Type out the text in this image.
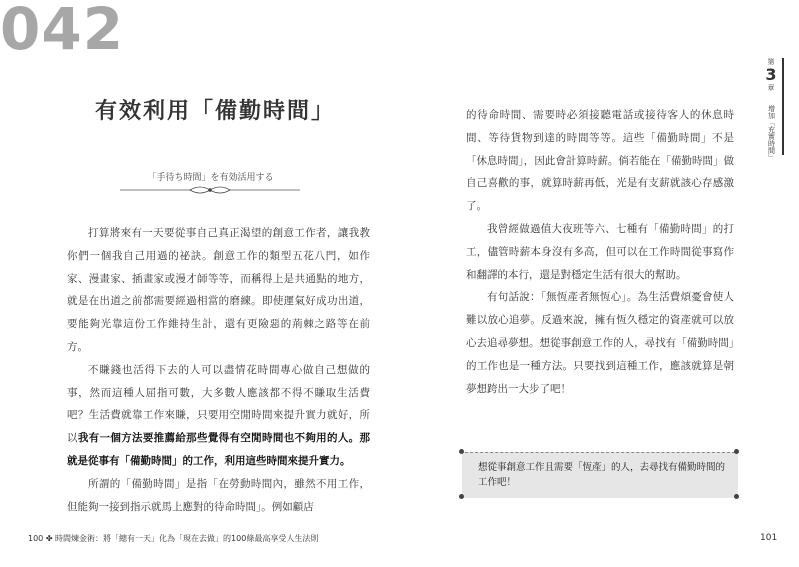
042
有效利用「備勤時間」
「手待ち時間」を有効活用する

打算將來有一天要從事自己真正渴望的創意工作者，讓我教你們一個我自己用過的祕訣。創意工作的類型五花八門，如作家、漫畫家、插畫家或漫才師等等，而稱得上是共通點的地方，就是在出道之前都需要經過相當的磨練。即使運氣好成功出道，要能夠光靠這份工作維持生計，還有更險惡的荊棘之路等在前方。

不賺錢也活得下去的人可以盡情花時間專心做自己想做的事，然而這種人屈指可數，大多數人應該都不得不賺取生活費吧？生活費就靠工作來賺，只要用空閒時間來提升實力就好，所以我有一個方法要推薦給那些覺得有空閒時間也不夠用的人。那就是從事有「備勤時間」的工作，利用這些時間來提升實力。

所謂的「備勤時間」是指「在勞動時間內，雖然不用工作，但能夠一接到指示就馬上應對的待命時間」。例如顧店

的待命時間、需要時必須接聽電話或接待客人的休息時間、等待貨物到達的時間等等。這些「備勤時間」不是「休息時間」，因此會計算時薪。倘若能在「備勤時間」做自己喜歡的事，就算時薪再低，光是有支薪就該心存感激了。

我曾經做過值大夜班等六、七種有「備勤時間」的打工，儘管時薪本身沒有多高，但可以在工作時間從事寫作和翻譯的本行，還是對穩定生活有很大的幫助。

有句話說：「無恆產者無恆心」。為生活費煩憂會使人難以放心追夢。反過來說，擁有恆久穩定的資產就可以放心去追尋夢想。想從事創意工作的人，尋找有「備勤時間」的工作也是一種方法。只要找到這種工作，應該就算是朝夢想跨出一大步了吧！

想從事創意工作且需要「恆產」的人，去尋找有備勤時間的工作吧！
第
3
章
增加「充實時間」
100 ✤ 時間煉金術：將「總有一天」化為「現在去做」的100條最高享受人生法則	101
